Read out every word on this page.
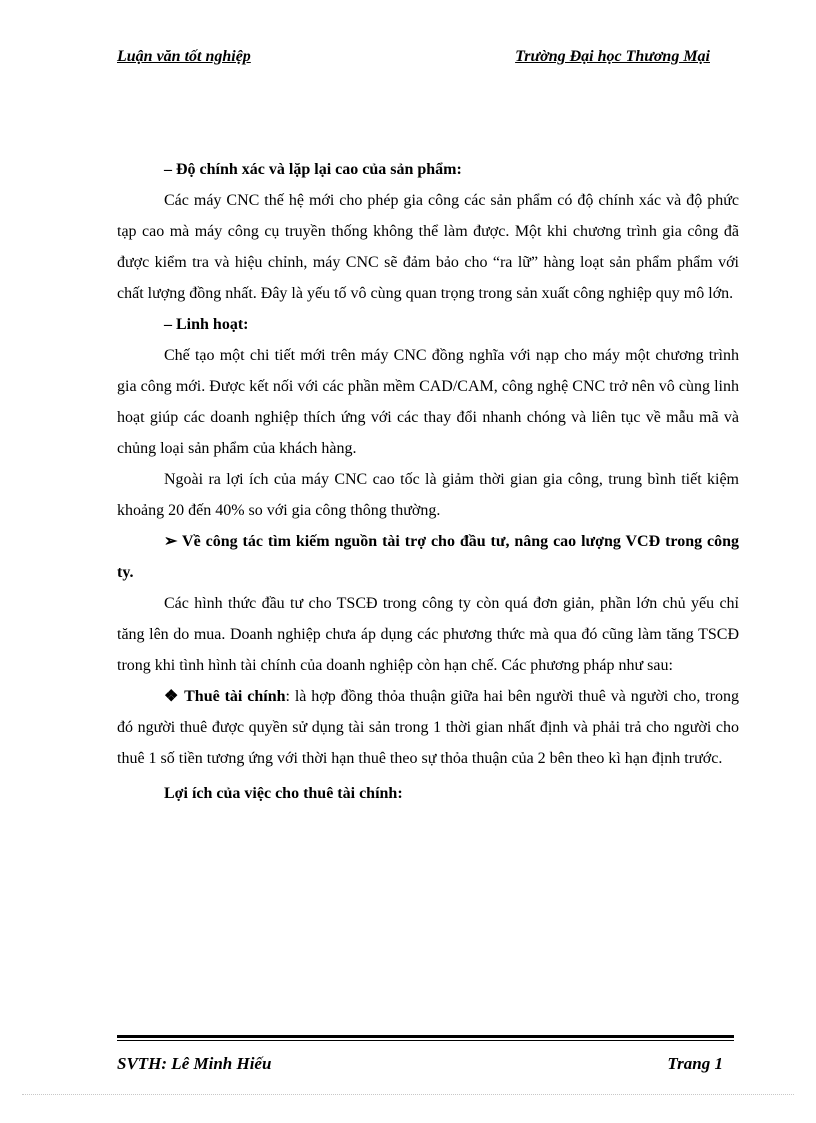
Luận văn tốt nghiệp	Trường Đại học Thương Mại

– Độ chính xác và lặp lại cao của sản phẩm:

Các máy CNC thế hệ mới cho phép gia công các sản phẩm có độ chính xác và độ phức tạp cao mà máy công cụ truyền thống không thể làm được. Một khi chương trình gia công đã được kiểm tra và hiệu chỉnh, máy CNC sẽ đảm bảo cho “ra lữ” hàng loạt sản phẩm phẩm với chất lượng đồng nhất. Đây là yếu tố vô cùng quan trọng trong sản xuất công nghiệp quy mô lớn.

– Linh hoạt:

Chế tạo một chi tiết mới trên máy CNC đồng nghĩa với nạp cho máy một chương trình gia công mới. Được kết nối với các phần mềm CAD/CAM, công nghệ CNC trở nên vô cùng linh hoạt giúp các doanh nghiệp thích ứng với các thay đổi nhanh chóng và liên tục về mẫu mã và chủng loại sản phẩm của khách hàng.

Ngoài ra lợi ích của máy CNC cao tốc là giảm thời gian gia công, trung bình tiết kiệm khoảng 20 đến 40% so với gia công thông thường.

➢ Về công tác tìm kiếm nguồn tài trợ cho đầu tư, nâng cao lượng VCĐ trong công ty.

Các hình thức đầu tư cho TSCĐ trong công ty còn quá đơn giản, phần lớn chủ yếu chỉ tăng lên do mua. Doanh nghiệp chưa áp dụng các phương thức mà qua đó cũng làm tăng TSCĐ trong khi tình hình tài chính của doanh nghiệp còn hạn chế. Các phương pháp như sau:

❖ Thuê tài chính: là hợp đồng thỏa thuận giữa hai bên người thuê và người cho, trong đó người thuê được quyền sử dụng tài sản trong 1 thời gian nhất định và phải trả cho người cho thuê 1 số tiền tương ứng với thời hạn thuê theo sự thỏa thuận của 2 bên theo kì hạn định trước.

Lợi ích của việc cho thuê tài chính:

SVTH: Lê Minh Hiếu	Trang 1
